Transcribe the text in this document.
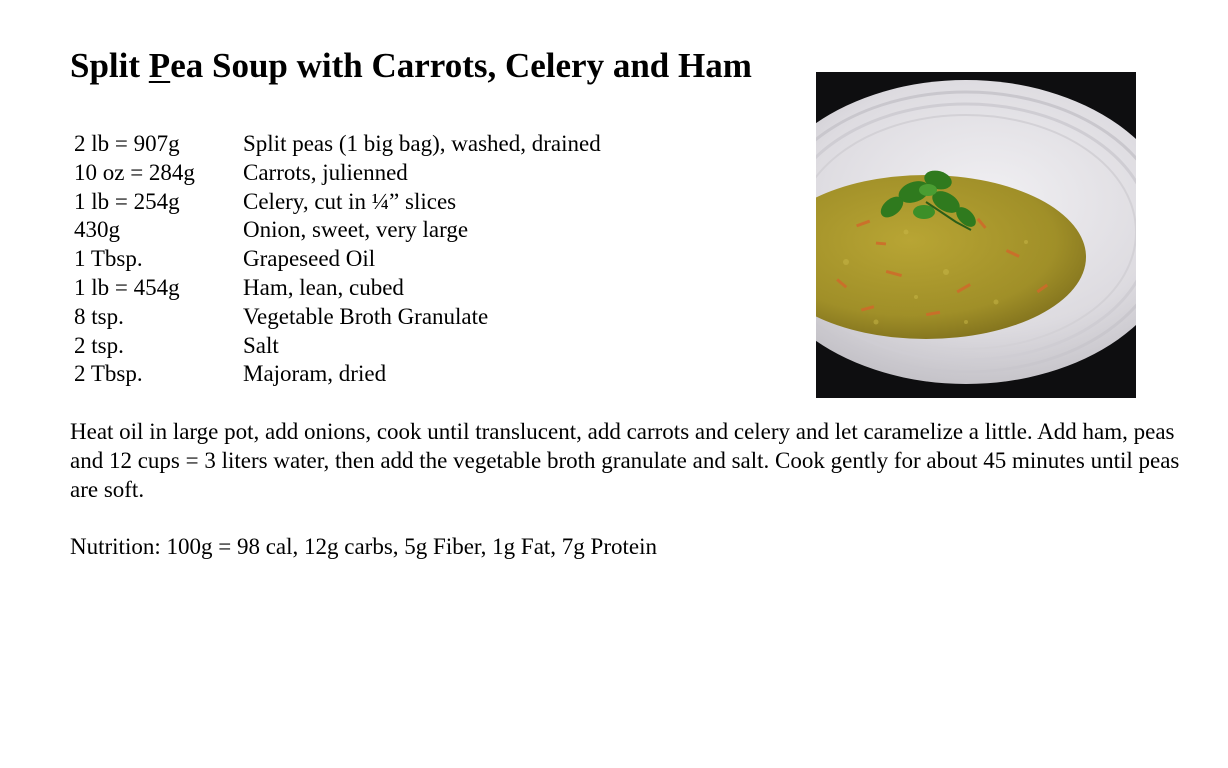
Split Pea Soup with Carrots, Celery and Ham
2 lb = 907g	Split peas (1 big bag), washed, drained
10 oz = 284g	Carrots, julienned
1 lb = 254g	Celery, cut in ¼” slices
430g	Onion, sweet, very large
1 Tbsp.	Grapeseed Oil
1 lb = 454g	Ham, lean, cubed
8 tsp.	Vegetable Broth Granulate
2 tsp.	Salt
2 Tbsp.	Majoram, dried

Heat oil in large pot, add onions, cook until translucent, add carrots and celery and let caramelize a little. Add ham, peas and 12 cups = 3 liters water, then add the vegetable broth granulate and salt. Cook gently for about 45 minutes until peas are soft.

Nutrition: 100g = 98 cal, 12g carbs, 5g Fiber, 1g Fat, 7g Protein
